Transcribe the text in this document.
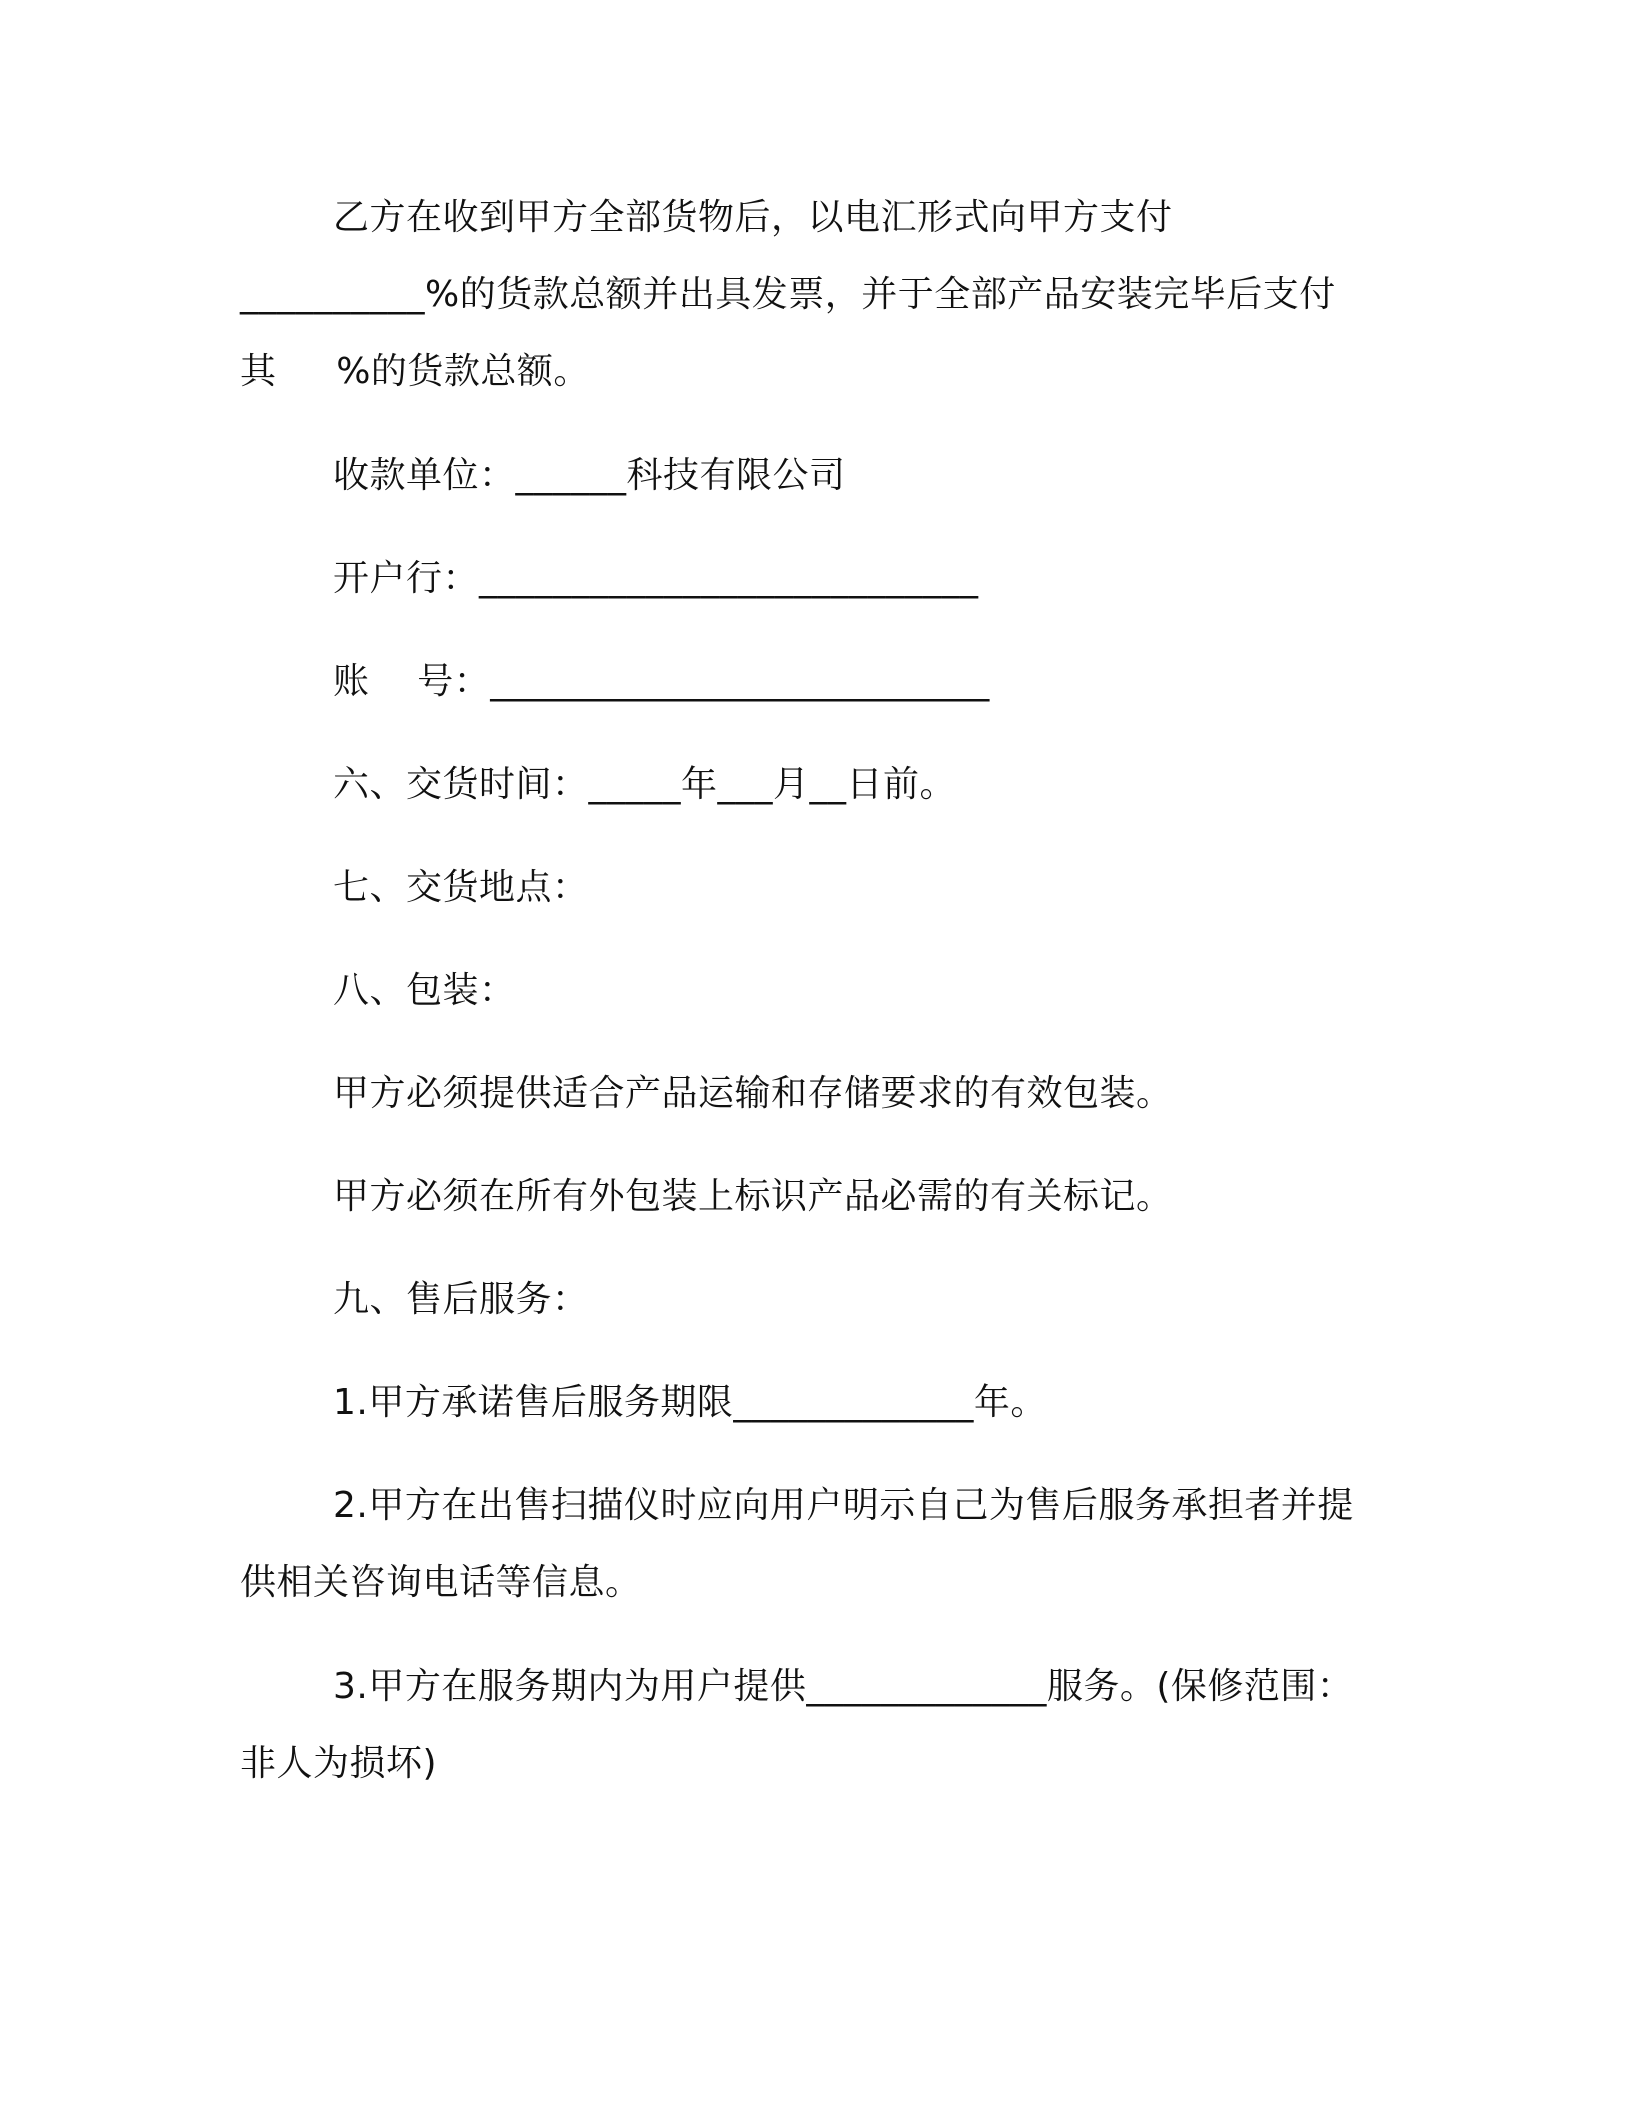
乙方在收到甲方全部货物后，以电汇形式向甲方支付
__________%的货款总额并出具发票，并于全部产品安装完毕后支付
其     %的货款总额。
收款单位：______科技有限公司
开户行：___________________________
账    号：___________________________
六、交货时间：_____年___月__日前。
七、交货地点：
八、包装：
甲方必须提供适合产品运输和存储要求的有效包装。
甲方必须在所有外包装上标识产品必需的有关标记。
九、售后服务：
1.甲方承诺售后服务期限_____________年。
2.甲方在出售扫描仪时应向用户明示自己为售后服务承担者并提
供相关咨询电话等信息。
3.甲方在服务期内为用户提供_____________服务。(保修范围：
非人为损坏)
